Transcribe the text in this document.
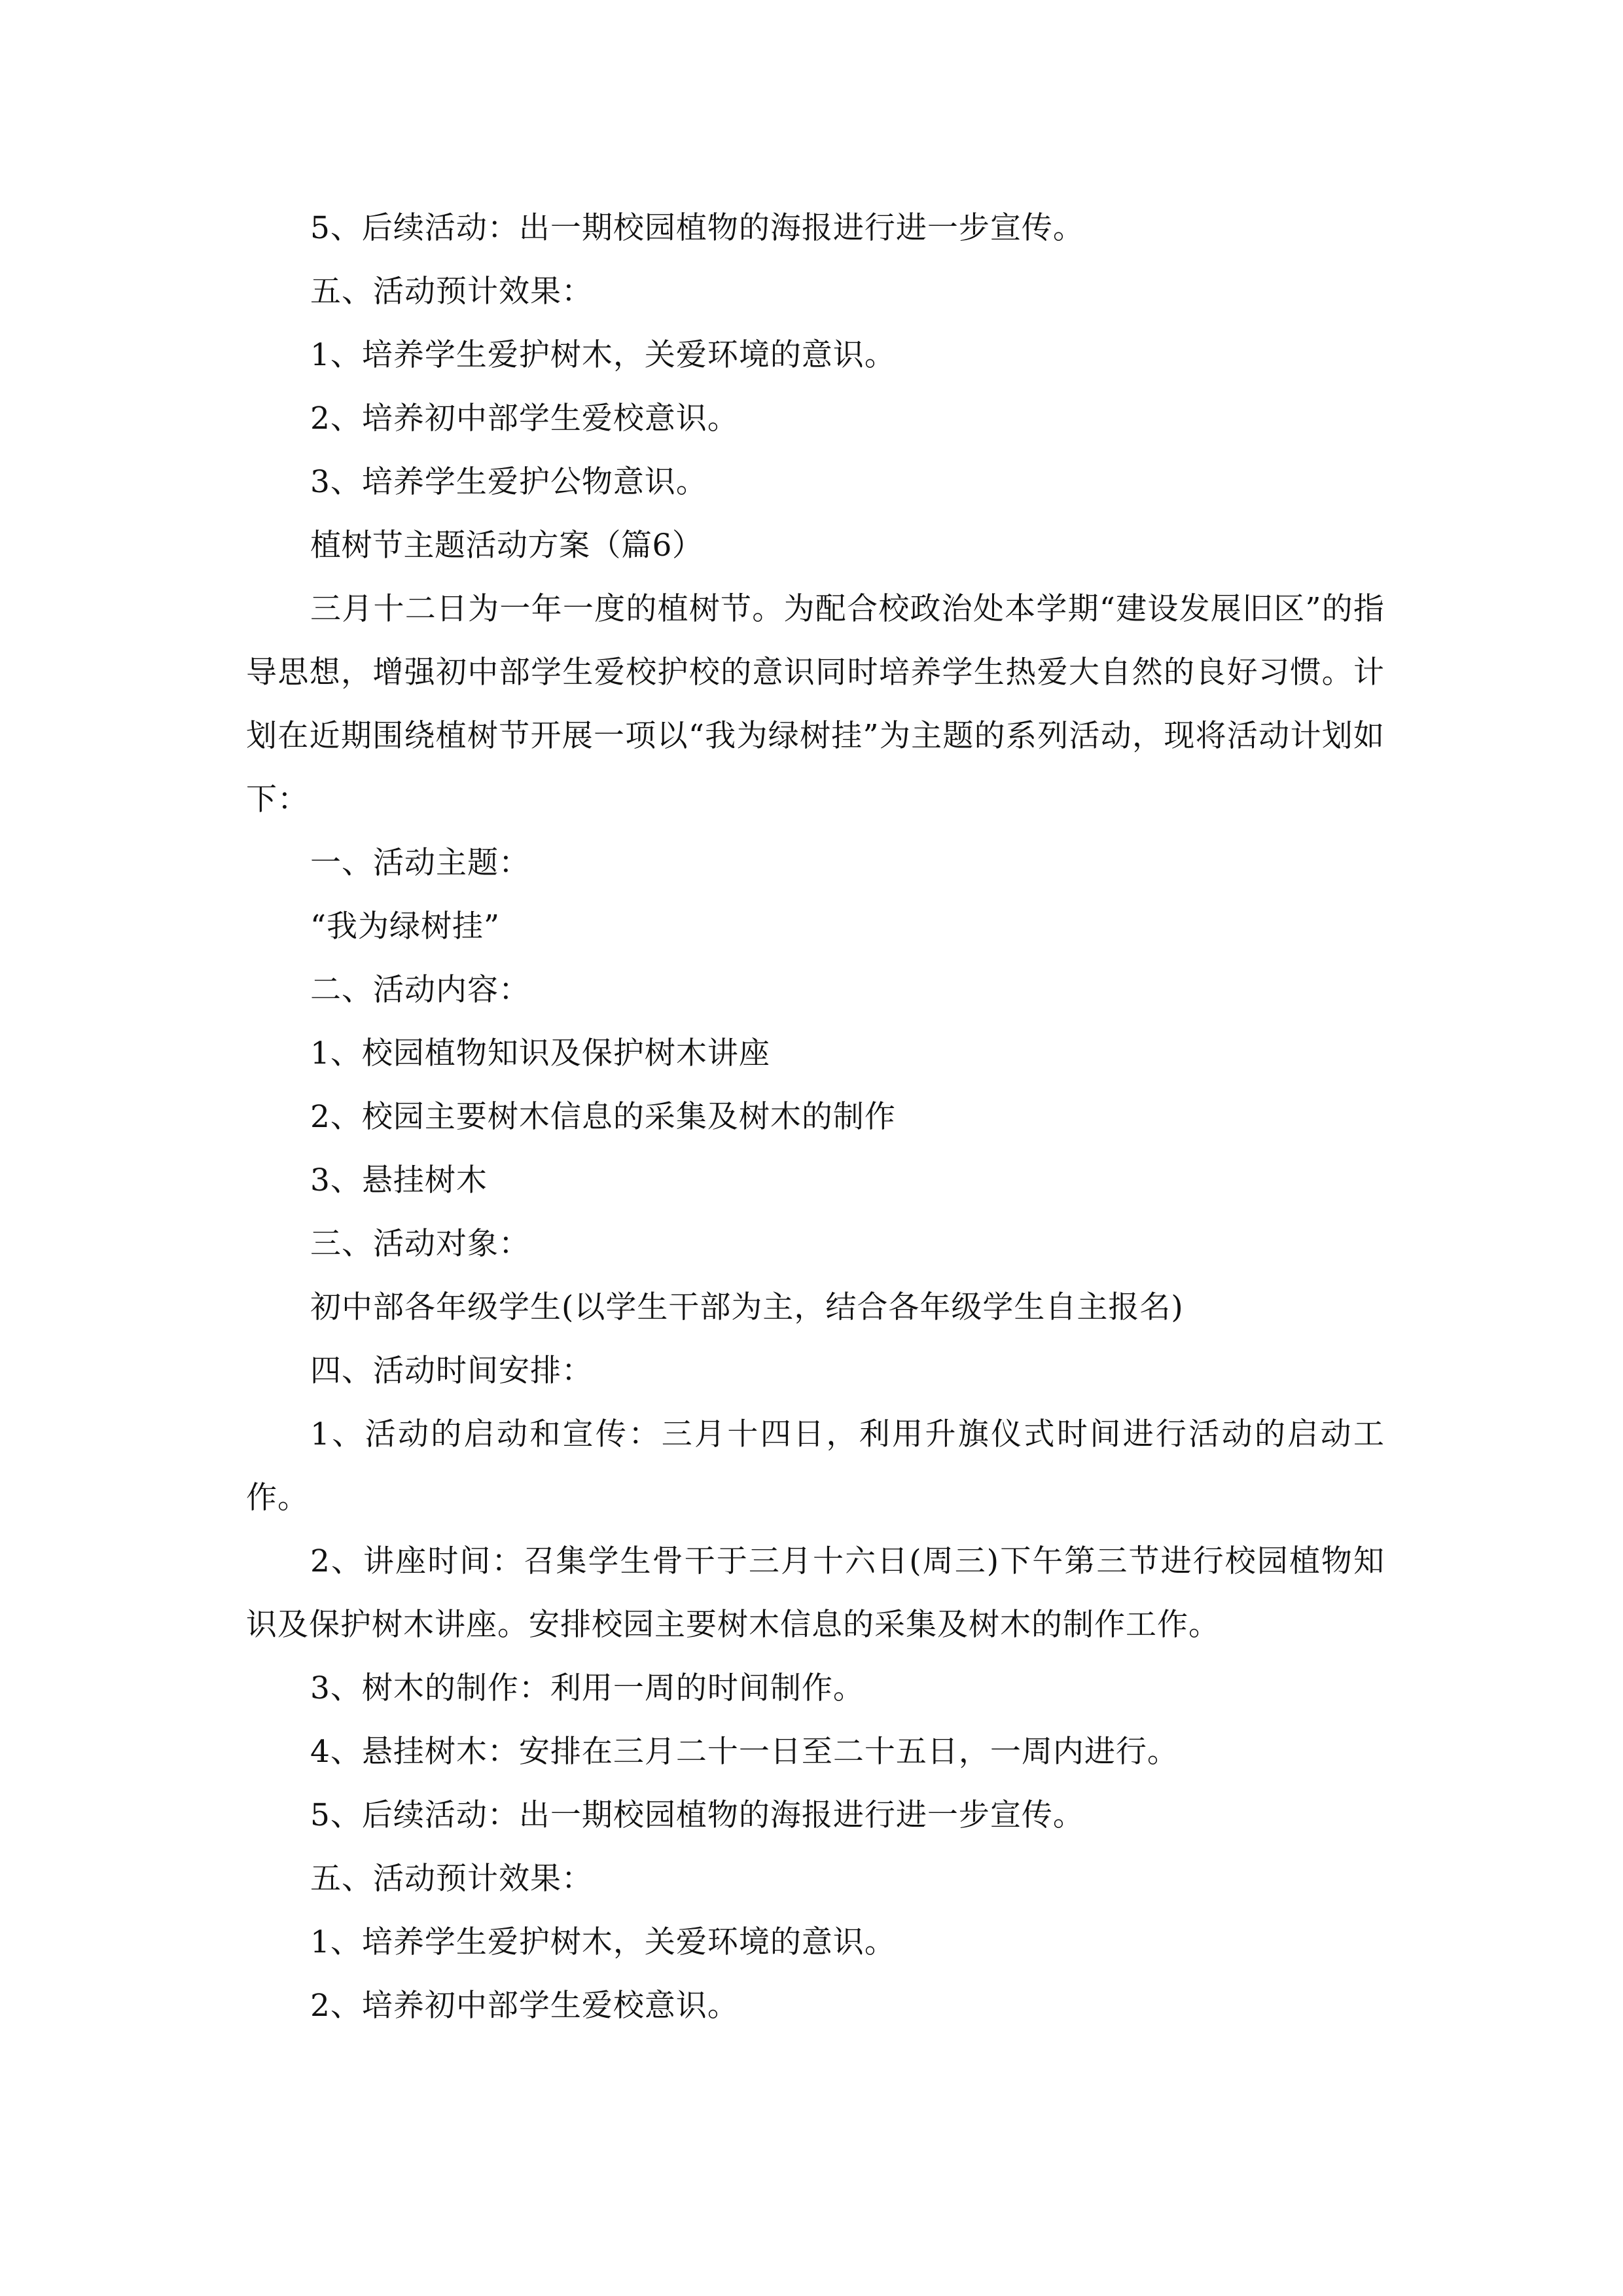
5、后续活动：出一期校园植物的海报进行进一步宣传。

五、活动预计效果：

1、培养学生爱护树木，关爱环境的意识。

2、培养初中部学生爱校意识。

3、培养学生爱护公物意识。

植树节主题活动方案（篇6）

三月十二日为一年一度的植树节。为配合校政治处本学期“建设发展旧区”的指导思想，增强初中部学生爱校护校的意识同时培养学生热爱大自然的良好习惯。计划在近期围绕植树节开展一项以“我为绿树挂”为主题的系列活动，现将活动计划如下：

一、活动主题：

“我为绿树挂”

二、活动内容：

1、校园植物知识及保护树木讲座

2、校园主要树木信息的采集及树木的制作

3、悬挂树木

三、活动对象：

初中部各年级学生(以学生干部为主，结合各年级学生自主报名)

四、活动时间安排：

1、活动的启动和宣传：三月十四日，利用升旗仪式时间进行活动的启动工作。

2、讲座时间：召集学生骨干于三月十六日(周三)下午第三节进行校园植物知识及保护树木讲座。安排校园主要树木信息的采集及树木的制作工作。

3、树木的制作：利用一周的时间制作。

4、悬挂树木：安排在三月二十一日至二十五日，一周内进行。

5、后续活动：出一期校园植物的海报进行进一步宣传。

五、活动预计效果：

1、培养学生爱护树木，关爱环境的意识。

2、培养初中部学生爱校意识。
